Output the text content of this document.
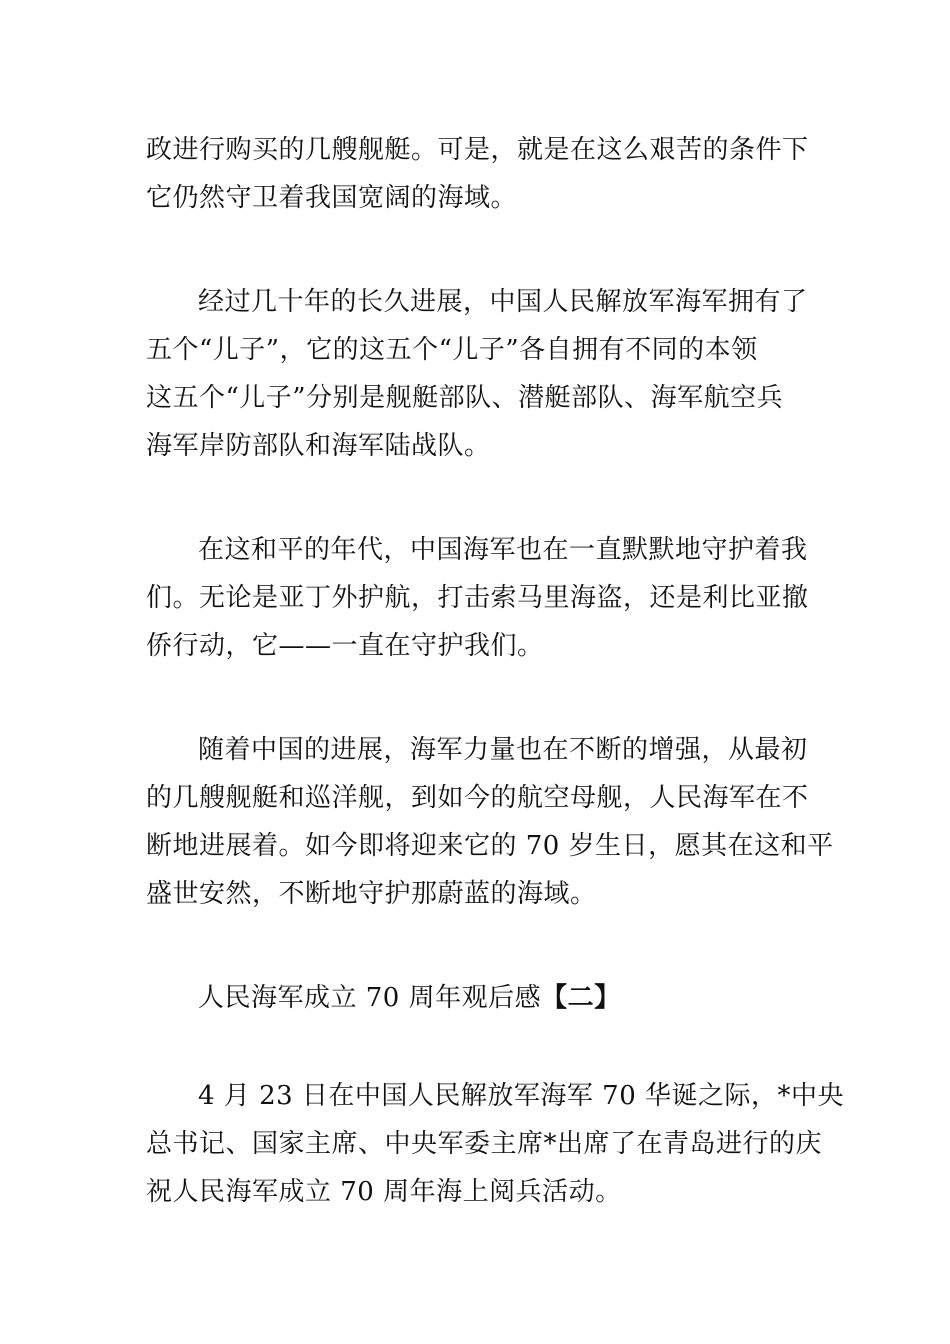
政进行购买的几艘舰艇。可是，就是在这么艰苦的条件下
它仍然守卫着我国宽阔的海域。
经过几十年的长久进展，中国人民解放军海军拥有了
五个“儿子”，它的这五个“儿子”各自拥有不同的本领
这五个“儿子”分别是舰艇部队、潜艇部队、海军航空兵
海军岸防部队和海军陆战队。
在这和平的年代，中国海军也在一直默默地守护着我
们。无论是亚丁外护航，打击索马里海盗，还是利比亚撤
侨行动，它——一直在守护我们。
随着中国的进展，海军力量也在不断的增强，从最初
的几艘舰艇和巡洋舰，到如今的航空母舰，人民海军在不
断地进展着。如今即将迎来它的 70 岁生日，愿其在这和平
盛世安然，不断地守护那蔚蓝的海域。
人民海军成立 70 周年观后感【二】
4 月 23 日在中国人民解放军海军 70 华诞之际，*中央
总书记、国家主席、中央军委主席*出席了在青岛进行的庆
祝人民海军成立 70 周年海上阅兵活动。
